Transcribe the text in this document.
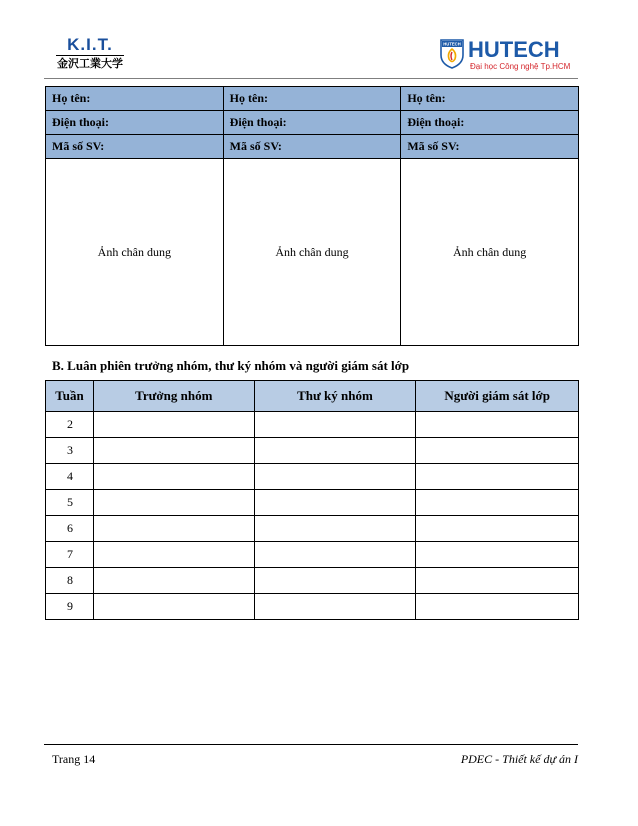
K.I.T.
金沢工業大学
HUTECH HUTECH
Đại học Công nghệ Tp.HCM
Họ tên:	Họ tên:	Họ tên:
Điện thoại:	Điện thoại:	Điện thoại:
Mã số SV:	Mã số SV:	Mã số SV:
Ảnh chân dung	Ảnh chân dung	Ảnh chân dung
B. Luân phiên trưởng nhóm, thư ký nhóm và người giám sát lớp
Tuần	Trưởng nhóm	Thư ký nhóm	Người giám sát lớp
2			
3			
4			
5			
6			
7			
8			
9			
Trang 14	PDEC - Thiết kế dự án I
